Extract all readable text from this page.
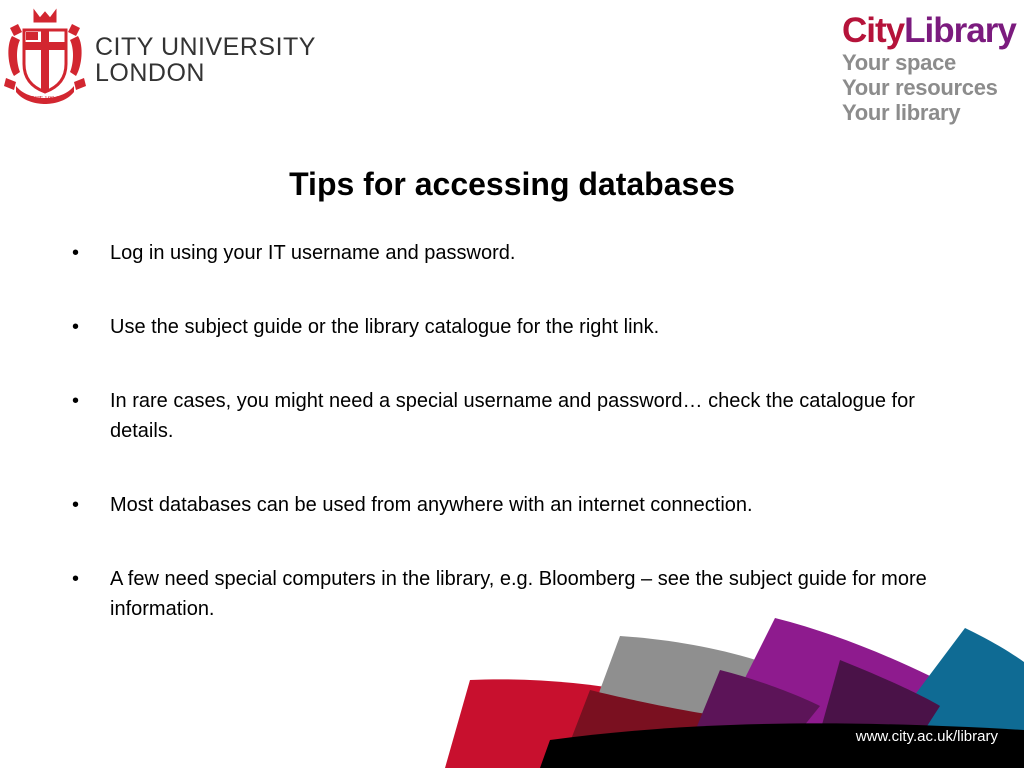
EST 1894
CITY UNIVERSITY
LONDON
CityLibrary
Your space
Your resources
Your library
Tips for accessing databases
• Log in using your IT username and password.
• Use the subject guide or the library catalogue for the right link.
• In rare cases, you might need a special username and password… check the catalogue for details.
• Most databases can be used from anywhere with an internet connection.
• A few need special computers in the library, e.g. Bloomberg – see the subject guide for more information.
www.city.ac.uk/library
